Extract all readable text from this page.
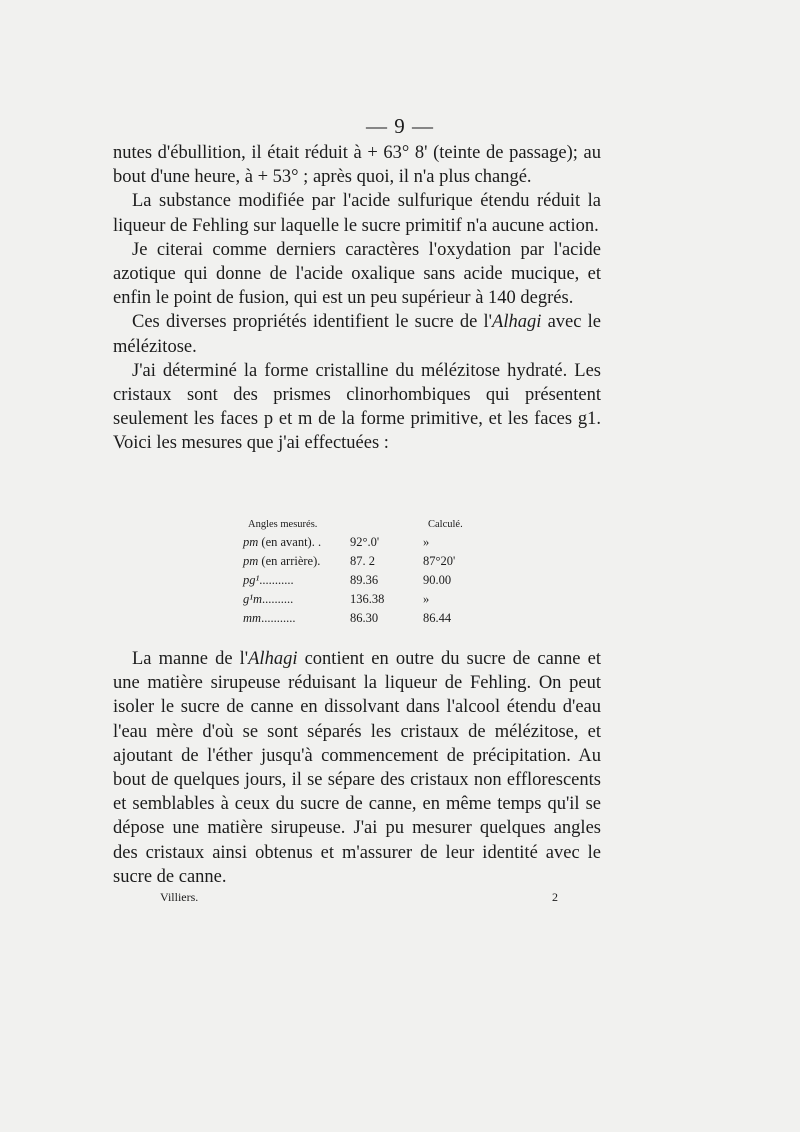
— 9 —

nutes d'ébullition, il était réduit à + 63° 8' (teinte de passage); au bout d'une heure, à + 53° ; après quoi, il n'a plus changé.

La substance modifiée par l'acide sulfurique étendu réduit la liqueur de Fehling sur laquelle le sucre primitif n'a aucune action.

Je citerai comme derniers caractères l'oxydation par l'acide azotique qui donne de l'acide oxalique sans acide mucique, et enfin le point de fusion, qui est un peu supérieur à 140 degrés.

Ces diverses propriétés identifient le sucre de l'Alhagi avec le mélézitose.

J'ai déterminé la forme cristalline du mélézitose hydraté. Les cristaux sont des prismes clinorhombiques qui présentent seulement les faces p et m de la forme primitive, et les faces g1. Voici les mesures que j'ai effectuées :

Angles mesurés.	Calculé.
pm (en avant). . 92°.0'	»
pm (en arrière). 87. 2	87°20'
pg¹...........	89.36	90.00
g¹m..........	136.38	»
mm...........	86.30	86.44

La manne de l'Alhagi contient en outre du sucre de canne et une matière sirupeuse réduisant la liqueur de Fehling. On peut isoler le sucre de canne en dissolvant dans l'alcool étendu d'eau l'eau mère d'où se sont séparés les cristaux de mélézitose, et ajoutant de l'éther jusqu'à commencement de précipitation. Au bout de quelques jours, il se sépare des cristaux non efflorescents et semblables à ceux du sucre de canne, en même temps qu'il se dépose une matière sirupeuse. J'ai pu mesurer quelques angles des cristaux ainsi obtenus et m'assurer de leur identité avec le sucre de canne.

Villiers.	2
